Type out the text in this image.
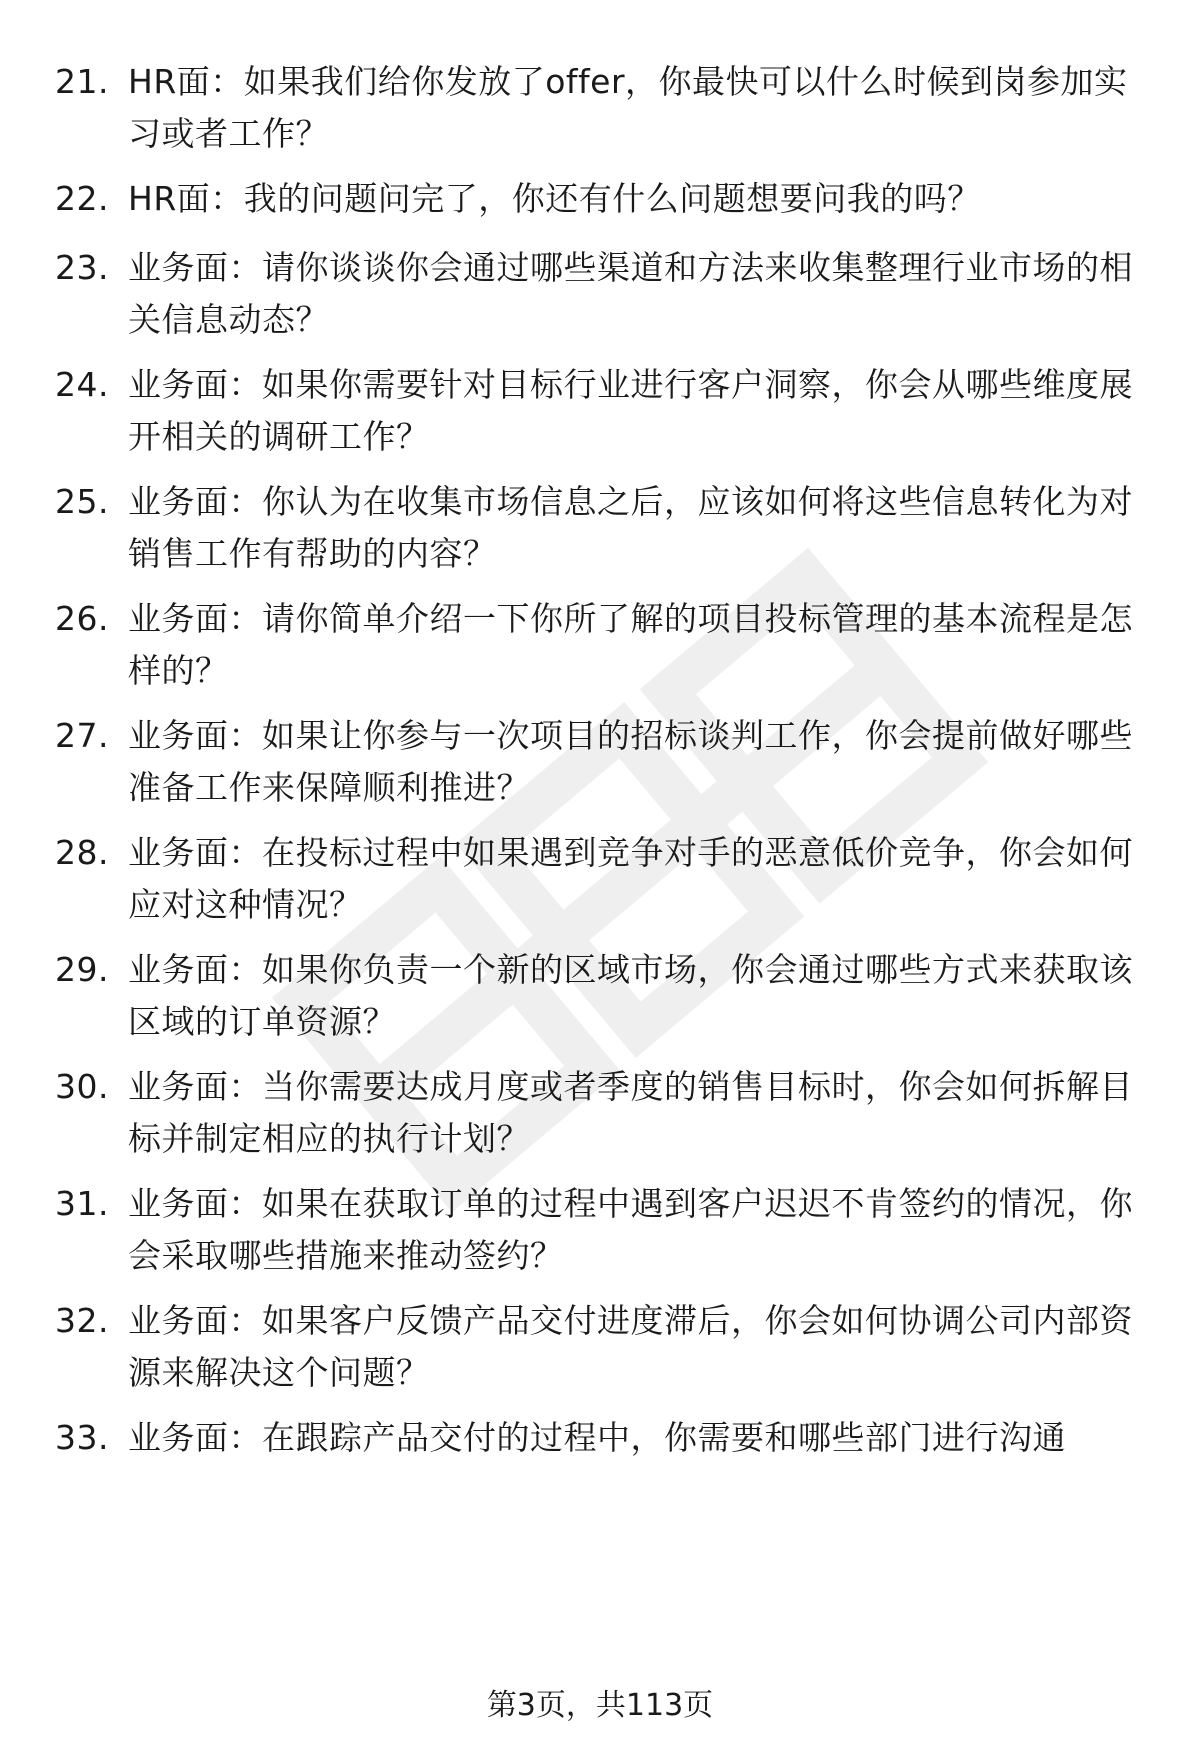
21. HR面：如果我们给你发放了offer，你最快可以什么时候到岗参加实习或者工作？
22. HR面：我的问题问完了，你还有什么问题想要问我的吗？
23. 业务面：请你谈谈你会通过哪些渠道和方法来收集整理行业市场的相关信息动态？
24. 业务面：如果你需要针对目标行业进行客户洞察，你会从哪些维度展开相关的调研工作？
25. 业务面：你认为在收集市场信息之后，应该如何将这些信息转化为对销售工作有帮助的内容？
26. 业务面：请你简单介绍一下你所了解的项目投标管理的基本流程是怎样的？
27. 业务面：如果让你参与一次项目的招标谈判工作，你会提前做好哪些准备工作来保障顺利推进？
28. 业务面：在投标过程中如果遇到竞争对手的恶意低价竞争，你会如何应对这种情况？
29. 业务面：如果你负责一个新的区域市场，你会通过哪些方式来获取该区域的订单资源？
30. 业务面：当你需要达成月度或者季度的销售目标时，你会如何拆解目标并制定相应的执行计划？
31. 业务面：如果在获取订单的过程中遇到客户迟迟不肯签约的情况，你会采取哪些措施来推动签约？
32. 业务面：如果客户反馈产品交付进度滞后，你会如何协调公司内部资源来解决这个问题？
33. 业务面：在跟踪产品交付的过程中，你需要和哪些部门进行沟通
第3页，共113页
